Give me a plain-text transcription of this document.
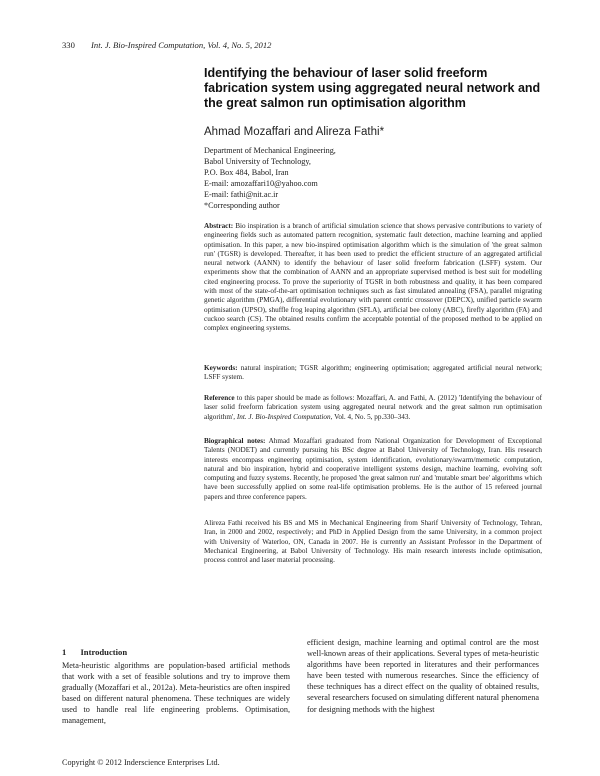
330 Int. J. Bio-Inspired Computation, Vol. 4, No. 5, 2012
Identifying the behaviour of laser solid freeform fabrication system using aggregated neural network and the great salmon run optimisation algorithm
Ahmad Mozaffari and Alireza Fathi*
Department of Mechanical Engineering,
Babol University of Technology,
P.O. Box 484, Babol, Iran
E-mail: amozaffari10@yahoo.com
E-mail: fathi@nit.ac.ir
*Corresponding author

Abstract: Bio inspiration is a branch of artificial simulation science that shows pervasive contributions to variety of engineering fields such as automated pattern recognition, systematic fault detection, machine learning and applied optimisation. In this paper, a new bio-inspired optimisation algorithm which is the simulation of 'the great salmon run' (TGSR) is developed. Thereafter, it has been used to predict the efficient structure of an aggregated artificial neural network (AANN) to identify the behaviour of laser solid freeform fabrication (LSFF) system. Our experiments show that the combination of AANN and an appropriate supervised method is best suit for modelling cited engineering process. To prove the superiority of TGSR in both robustness and quality, it has been compared with most of the state-of-the-art optimisation techniques such as fast simulated annealing (FSA), parallel migrating genetic algorithm (PMGA), differential evolutionary with parent centric crossover (DEPCX), unified particle swarm optimisation (UPSO), shuffle frog leaping algorithm (SFLA), artificial bee colony (ABC), firefly algorithm (FA) and cuckoo search (CS). The obtained results confirm the acceptable potential of the proposed method to be applied on complex engineering systems.

Keywords: natural inspiration; TGSR algorithm; engineering optimisation; aggregated artificial neural network; LSFF system.

Reference to this paper should be made as follows: Mozaffari, A. and Fathi, A. (2012) 'Identifying the behaviour of laser solid freeform fabrication system using aggregated neural network and the great salmon run optimisation algorithm', Int. J. Bio-Inspired Computation, Vol. 4, No. 5, pp.330–343.

Biographical notes: Ahmad Mozaffari graduated from National Organization for Development of Exceptional Talents (NODET) and currently pursuing his BSc degree at Babol University of Technology, Iran. His research interests encompass engineering optimisation, system identification, evolutionary/swarm/memetic computation, natural and bio inspiration, hybrid and cooperative intelligent systems design, machine learning, evolving soft computing and fuzzy systems. Recently, he proposed 'the great salmon run' and 'mutable smart bee' algorithms which have been successfully applied on some real-life optimisation problems. He is the author of 15 refereed journal papers and three conference papers.

Alireza Fathi received his BS and MS in Mechanical Engineering from Sharif University of Technology, Tehran, Iran, in 2000 and 2002, respectively; and PhD in Applied Design from the same University, in a common project with University of Waterloo, ON, Canada in 2007. He is currently an Assistant Professor in the Department of Mechanical Engineering, at Babol University of Technology. His main research interests include optimisation, process control and laser material processing.

1 Introduction

Meta-heuristic algorithms are population-based artificial methods that work with a set of feasible solutions and try to improve them gradually (Mozaffari et al., 2012a). Meta-heuristics are often inspired based on different natural phenomena. These techniques are widely used to handle real life engineering problems. Optimisation, management,

efficient design, machine learning and optimal control are the most well-known areas of their applications. Several types of meta-heuristic algorithms have been reported in literatures and their performances have been tested with numerous researches. Since the efficiency of these techniques has a direct effect on the quality of obtained results, several researchers focused on simulating different natural phenomena for designing methods with the highest

Copyright © 2012 Inderscience Enterprises Ltd.
